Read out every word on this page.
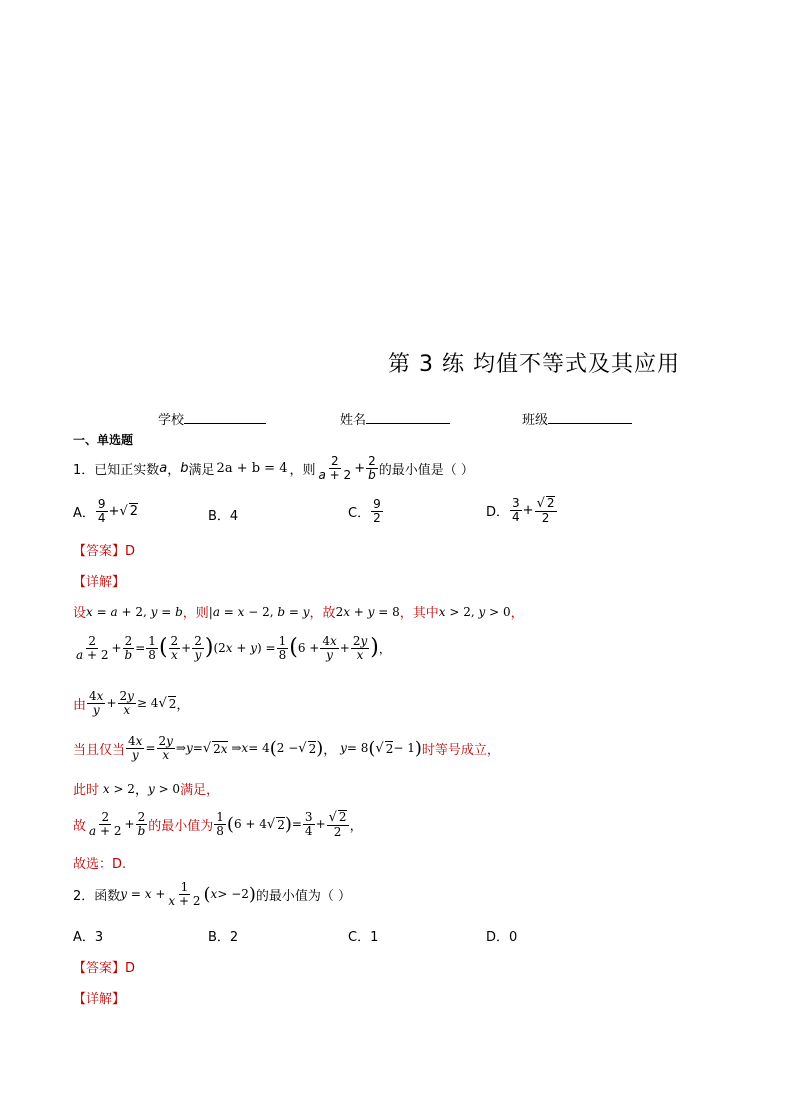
第 3 练 均值不等式及其应用
学校	姓名	班级
一、单选题
1．已知正实数 a ， b 满足 2a + b = 4 ，则 $\frac{2}{a + 2} + \frac{2}{b}$ 的最小值是（ ）
A． $\frac{9}{4}$ + √ 2	B．4	C． $\frac{9}{2}$	D． $\frac{3}{4} + \frac{√ 2}{2}$
【答案】D
【详解】
设 x = a + 2, y = b ，则 |a = x − 2, b = y ，故 2x + y = 8 ，其中 x > 2, y > 0 ，
$\frac{2}{a + 2} + \frac{2}{b} = \frac{1}{8}$ ( $\frac{2}{x} + \frac{2}{y}$ ) $(2x + y) = \frac{1}{8}$ ( $6 + \frac{4x}{y} + \frac{2y}{x}$ ) ，
由 $\frac{4x}{y} + \frac{2y}{x} \ge 4$ √ 2 ，
当且仅当 $\frac{4x}{y} = \frac{2y}{x}$ ⇒ y = √ 2x ⇒ x = 4 ( 2 − √ 2 ) ，
y = 8 ( √ 2 − 1 ) 时等号成立，
此时 x > 2 ， y > 0 满足，
故 $\frac{2}{a + 2} + \frac{2}{b}$ 的最小值为 $\frac{1}{8}$ ( 6 + 4 √ 2 ) = $\frac{3}{4} + \frac{√ 2}{2}$ ，
故选：D.
2．函数 $y = x + \frac{1}{x + 2}$ ( x > −2 ) 的最小值为（ ）
A．3	B．2	C．1	D．0
【答案】D
【详解】
